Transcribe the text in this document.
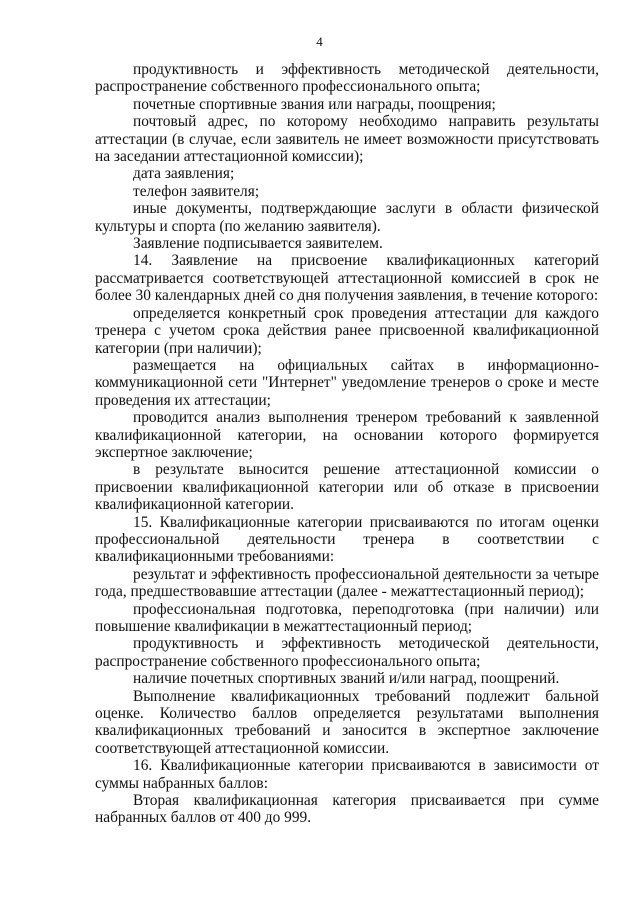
4

продуктивность и эффективность методической деятельности, распространение собственного профессионального опыта;

почетные спортивные звания или награды, поощрения;

почтовый адрес, по которому необходимо направить результаты аттестации (в случае, если заявитель не имеет возможности присутствовать на заседании аттестационной комиссии);

дата заявления;

телефон заявителя;

иные документы, подтверждающие заслуги в области физической культуры и спорта (по желанию заявителя).

Заявление подписывается заявителем.

14. Заявление на присвоение квалификационных категорий рассматривается соответствующей аттестационной комиссией в срок не более 30 календарных дней со дня получения заявления, в течение которого:

определяется конкретный срок проведения аттестации для каждого тренера с учетом срока действия ранее присвоенной квалификационной категории (при наличии);

размещается на официальных сайтах в информационно-коммуникационной сети "Интернет" уведомление тренеров о сроке и месте проведения их аттестации;

проводится анализ выполнения тренером требований к заявленной квалификационной категории, на основании которого формируется экспертное заключение;

в результате выносится решение аттестационной комиссии о присвоении квалификационной категории или об отказе в присвоении квалификационной категории.

15. Квалификационные категории присваиваются по итогам оценки профессиональной деятельности тренера в соответствии с квалификационными требованиями:

результат и эффективность профессиональной деятельности за четыре года, предшествовавшие аттестации (далее - межаттестационный период);

профессиональная подготовка, переподготовка (при наличии) или повышение квалификации в межаттестационный период;

продуктивность и эффективность методической деятельности, распространение собственного профессионального опыта;

наличие почетных спортивных званий и/или наград, поощрений.

Выполнение квалификационных требований подлежит бальной оценке. Количество баллов определяется результатами выполнения квалификационных требований и заносится в экспертное заключение соответствующей аттестационной комиссии.

16. Квалификационные категории присваиваются в зависимости от суммы набранных баллов:

Вторая квалификационная категория присваивается при сумме набранных баллов от 400 до 999.
